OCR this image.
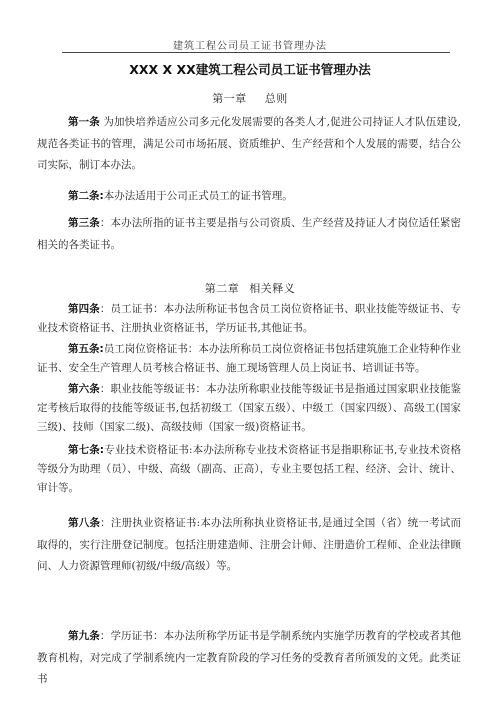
建筑工程公司员工证书管理办法
XXX X XX建筑工程公司员工证书管理办法
第一章 总则

第一条 为加快培养适应公司多元化发展需要的各类人才,促进公司持证人才队伍建设,规范各类证书的管理，满足公司市场拓展、资质维护、生产经营和个人发展的需要，结合公司实际，制订本办法。

第二条:本办法适用于公司正式员工的证书管理。

第三条：本办法所指的证书主要是指与公司资质、生产经营及持证人才岗位适任紧密相关的各类证书。

第二章 相关释义

第四条：员工证书：本办法所称证书包含员工岗位资格证书、职业技能等级证书、专业技术资格证书、注册执业资格证书，学历证书,其他证书。

第五条:员工岗位资格证书：本办法所称员工岗位资格证书包括建筑施工企业特种作业证书、安全生产管理人员考核合格证书、施工现场管理人员上岗证书、培训证书等。

第六条：职业技能等级证书：本办法所称职业技能等级证书是指通过国家职业技能鉴定考核后取得的技能等级证书,包括初级工（国家五级）、中级工（国家四级）、高级工(国家三级)、技师（国家二级)、高级技师（国家一级)资格证书。

第七条:专业技术资格证书:本办法所称专业技术资格证书是指职称证书,专业技术资格等级分为助理（员）、中级、高级（副高、正高），专业主要包括工程、经济、会计、统计、审计等。

第八条：注册执业资格证书:本办法所称执业资格证书,是通过全国（省）统一考试而取得的，实行注册登记制度。包括注册建造师、注册会计师、注册造价工程师、企业法律顾问、人力资源管理师(初级/中级/高级）等。

第九条：学历证书：本办法所称学历证书是学制系统内实施学历教育的学校或者其他教育机构，对完成了学制系统内一定教育阶段的学习任务的受教育者所颁发的文凭。此类证书
